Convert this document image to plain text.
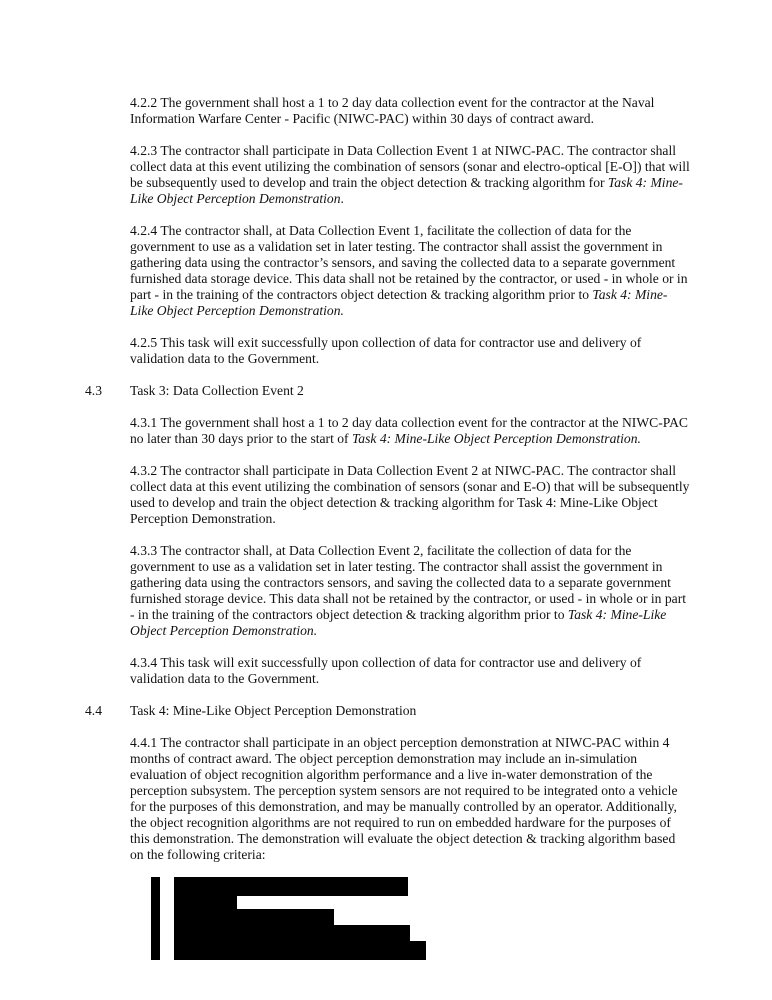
4.2.2 The government shall host a 1 to 2 day data collection event for the contractor at the Naval Information Warfare Center - Pacific (NIWC-PAC) within 30 days of contract award.

4.2.3 The contractor shall participate in Data Collection Event 1 at NIWC-PAC. The contractor shall collect data at this event utilizing the combination of sensors (sonar and electro-optical [E-O]) that will be subsequently used to develop and train the object detection & tracking algorithm for Task 4: Mine-Like Object Perception Demonstration.

4.2.4 The contractor shall, at Data Collection Event 1, facilitate the collection of data for the government to use as a validation set in later testing. The contractor shall assist the government in gathering data using the contractor’s sensors, and saving the collected data to a separate government furnished data storage device. This data shall not be retained by the contractor, or used - in whole or in part - in the training of the contractors object detection & tracking algorithm prior to Task 4: Mine-Like Object Perception Demonstration.

4.2.5 This task will exit successfully upon collection of data for contractor use and delivery of validation data to the Government.

4.3 Task 3: Data Collection Event 2

4.3.1 The government shall host a 1 to 2 day data collection event for the contractor at the NIWC-PAC no later than 30 days prior to the start of Task 4: Mine-Like Object Perception Demonstration.

4.3.2 The contractor shall participate in Data Collection Event 2 at NIWC-PAC. The contractor shall collect data at this event utilizing the combination of sensors (sonar and E-O) that will be subsequently used to develop and train the object detection & tracking algorithm for Task 4: Mine-Like Object Perception Demonstration.

4.3.3 The contractor shall, at Data Collection Event 2, facilitate the collection of data for the government to use as a validation set in later testing. The contractor shall assist the government in gathering data using the contractors sensors, and saving the collected data to a separate government furnished storage device. This data shall not be retained by the contractor, or used - in whole or in part - in the training of the contractors object detection & tracking algorithm prior to Task 4: Mine-Like Object Perception Demonstration.

4.3.4 This task will exit successfully upon collection of data for contractor use and delivery of validation data to the Government.

4.4 Task 4: Mine-Like Object Perception Demonstration

4.4.1 The contractor shall participate in an object perception demonstration at NIWC-PAC within 4 months of contract award. The object perception demonstration may include an in-simulation evaluation of object recognition algorithm performance and a live in-water demonstration of the perception subsystem. The perception system sensors are not required to be integrated onto a vehicle for the purposes of this demonstration, and may be manually controlled by an operator. Additionally, the object recognition algorithms are not required to run on embedded hardware for the purposes of this demonstration. The demonstration will evaluate the object detection & tracking algorithm based on the following criteria:
